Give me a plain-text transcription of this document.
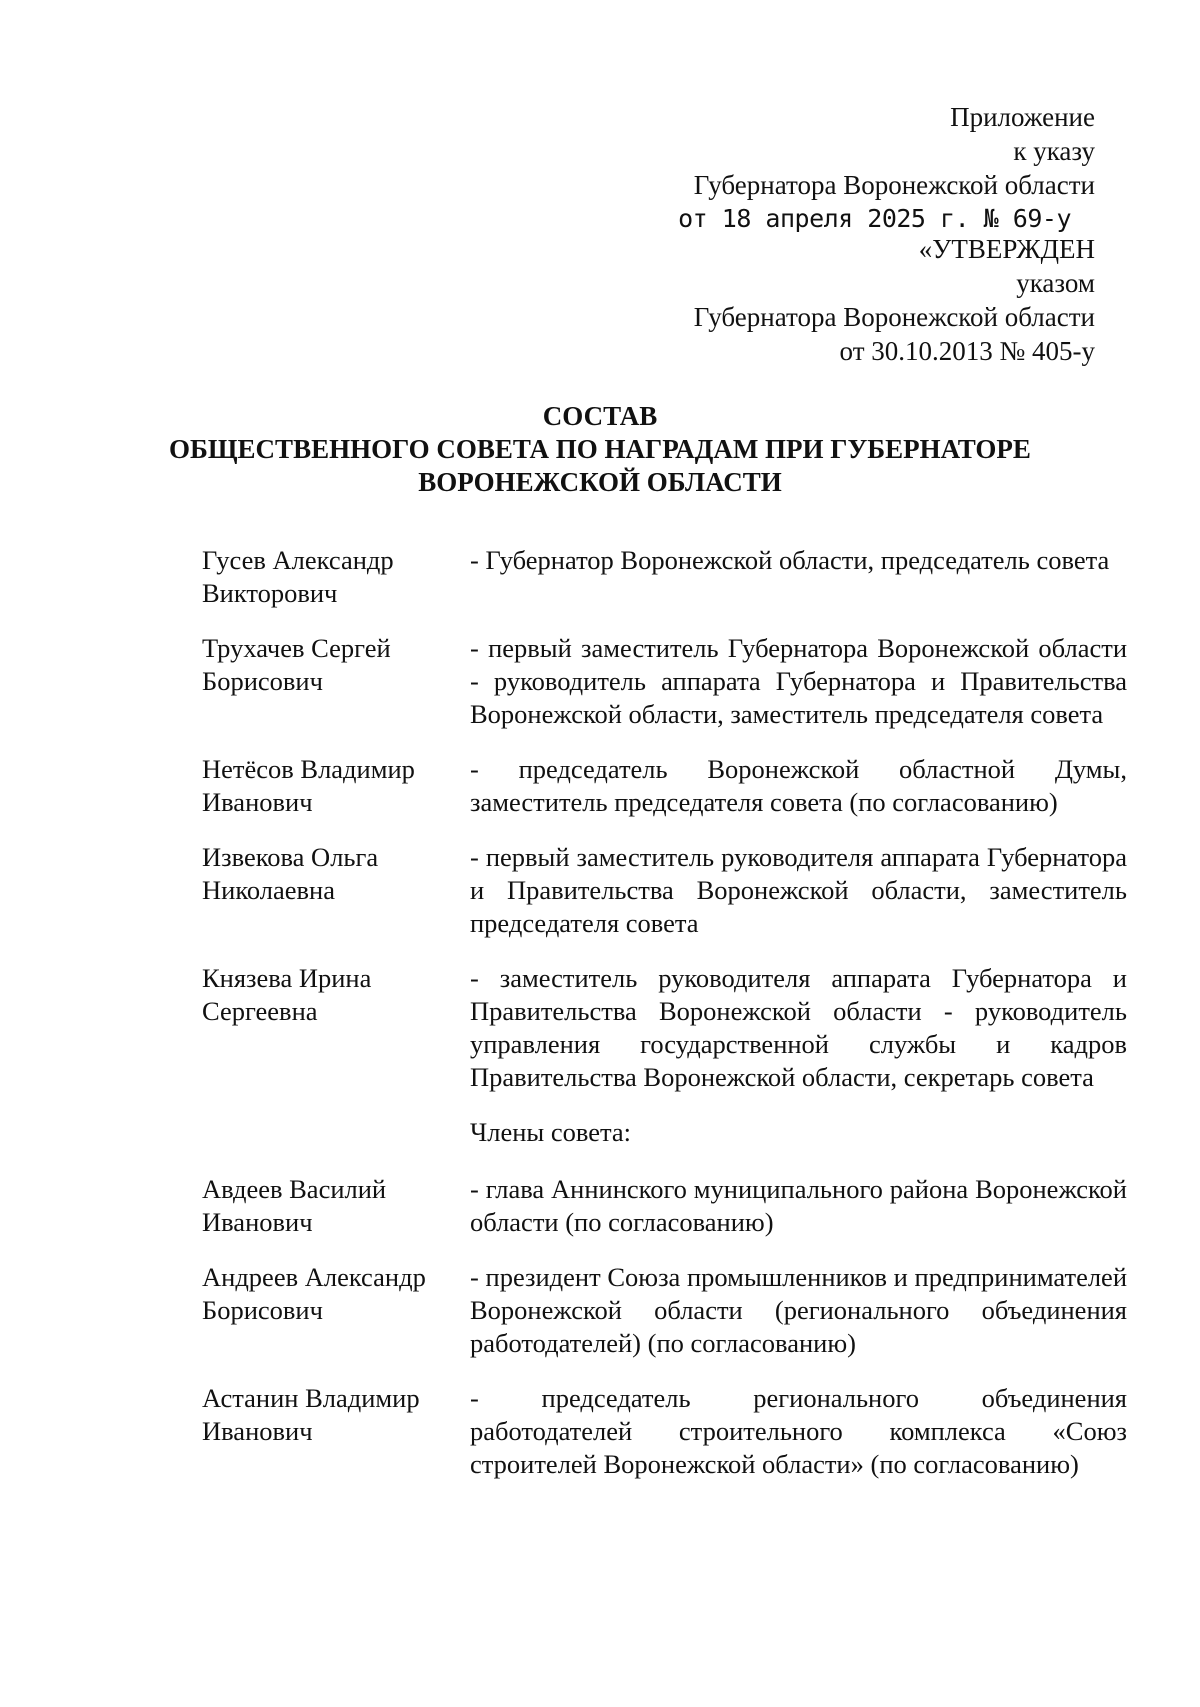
Приложение
к указу
Губернатора Воронежской области
от 18 апреля 2025 г. № 69-у
«УТВЕРЖДЕН
указом
Губернатора Воронежской области
от 30.10.2013 № 405-у
СОСТАВ
ОБЩЕСТВЕННОГО СОВЕТА ПО НАГРАДАМ ПРИ ГУБЕРНАТОРЕ
ВОРОНЕЖСКОЙ ОБЛАСТИ
Гусев Александр Викторович
- Губернатор Воронежской области, председатель совета
Трухачев Сергей Борисович
- первый заместитель Губернатора Воронежской области - руководитель аппарата Губернатора и Правительства Воронежской области, заместитель председателя совета
Нетёсов Владимир Иванович
- председатель Воронежской областной Думы, заместитель председателя совета (по согласованию)
Извекова Ольга Николаевна
- первый заместитель руководителя аппарата Губернатора и Правительства Воронежской области, заместитель председателя совета
Князева Ирина Сергеевна
- заместитель руководителя аппарата Губернатора и Правительства Воронежской области - руководитель управления государственной службы и кадров Правительства Воронежской области, секретарь совета
Члены совета:
Авдеев Василий Иванович
- глава Аннинского муниципального района Воронежской области (по согласованию)
Андреев Александр Борисович
- президент Союза промышленников и предпринимателей Воронежской области (регионального объединения работодателей) (по согласованию)
Астанин Владимир Иванович
- председатель регионального объединения работодателей строительного комплекса «Союз строителей Воронежской области» (по согласованию)
